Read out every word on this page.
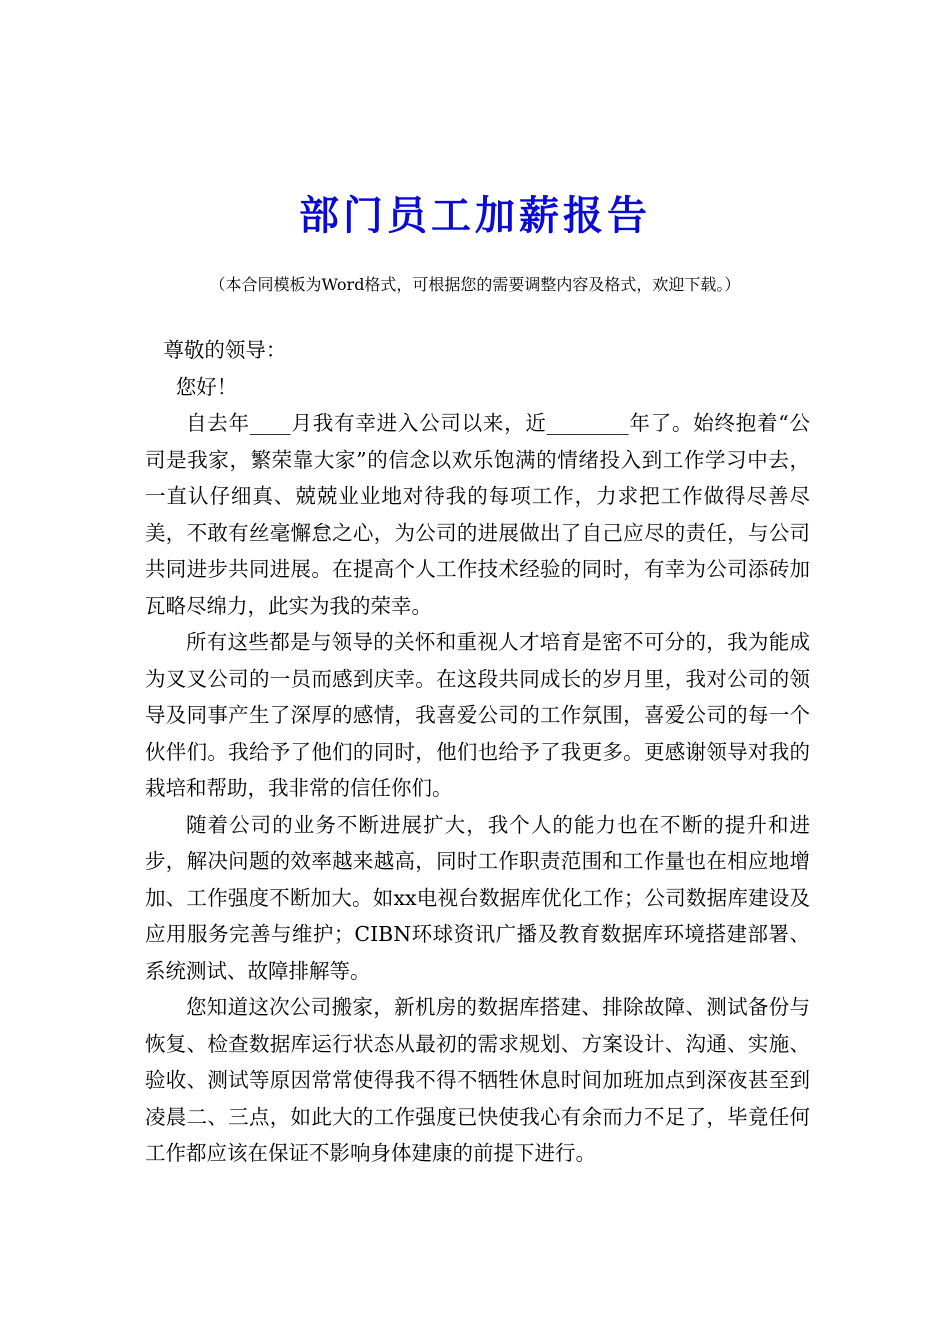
部门员工加薪报告
（本合同模板为Word格式，可根据您的需要调整内容及格式，欢迎下载。）

尊敬的领导：

您好！

自去年____月我有幸进入公司以来，近________年了。始终抱着“公司是我家，繁荣靠大家”的信念以欢乐饱满的情绪投入到工作学习中去，一直认仔细真、兢兢业业地对待我的每项工作，力求把工作做得尽善尽美，不敢有丝毫懈怠之心，为公司的进展做出了自己应尽的责任，与公司共同进步共同进展。在提高个人工作技术经验的同时，有幸为公司添砖加瓦略尽绵力，此实为我的荣幸。

所有这些都是与领导的关怀和重视人才培育是密不可分的，我为能成为叉叉公司的一员而感到庆幸。在这段共同成长的岁月里，我对公司的领导及同事产生了深厚的感情，我喜爱公司的工作氛围，喜爱公司的每一个伙伴们。我给予了他们的同时，他们也给予了我更多。更感谢领导对我的栽培和帮助，我非常的信任你们。

随着公司的业务不断进展扩大，我个人的能力也在不断的提升和进步，解决问题的效率越来越高，同时工作职责范围和工作量也在相应地增加、工作强度不断加大。如xx电视台数据库优化工作；公司数据库建设及应用服务完善与维护；CIBN环球资讯广播及教育数据库环境搭建部署、系统测试、故障排解等。

您知道这次公司搬家，新机房的数据库搭建、排除故障、测试备份与恢复、检查数据库运行状态从最初的需求规划、方案设计、沟通、实施、验收、测试等原因常常使得我不得不牺牲休息时间加班加点到深夜甚至到凌晨二、三点，如此大的工作强度已快使我心有余而力不足了，毕竟任何工作都应该在保证不影响身体建康的前提下进行。
